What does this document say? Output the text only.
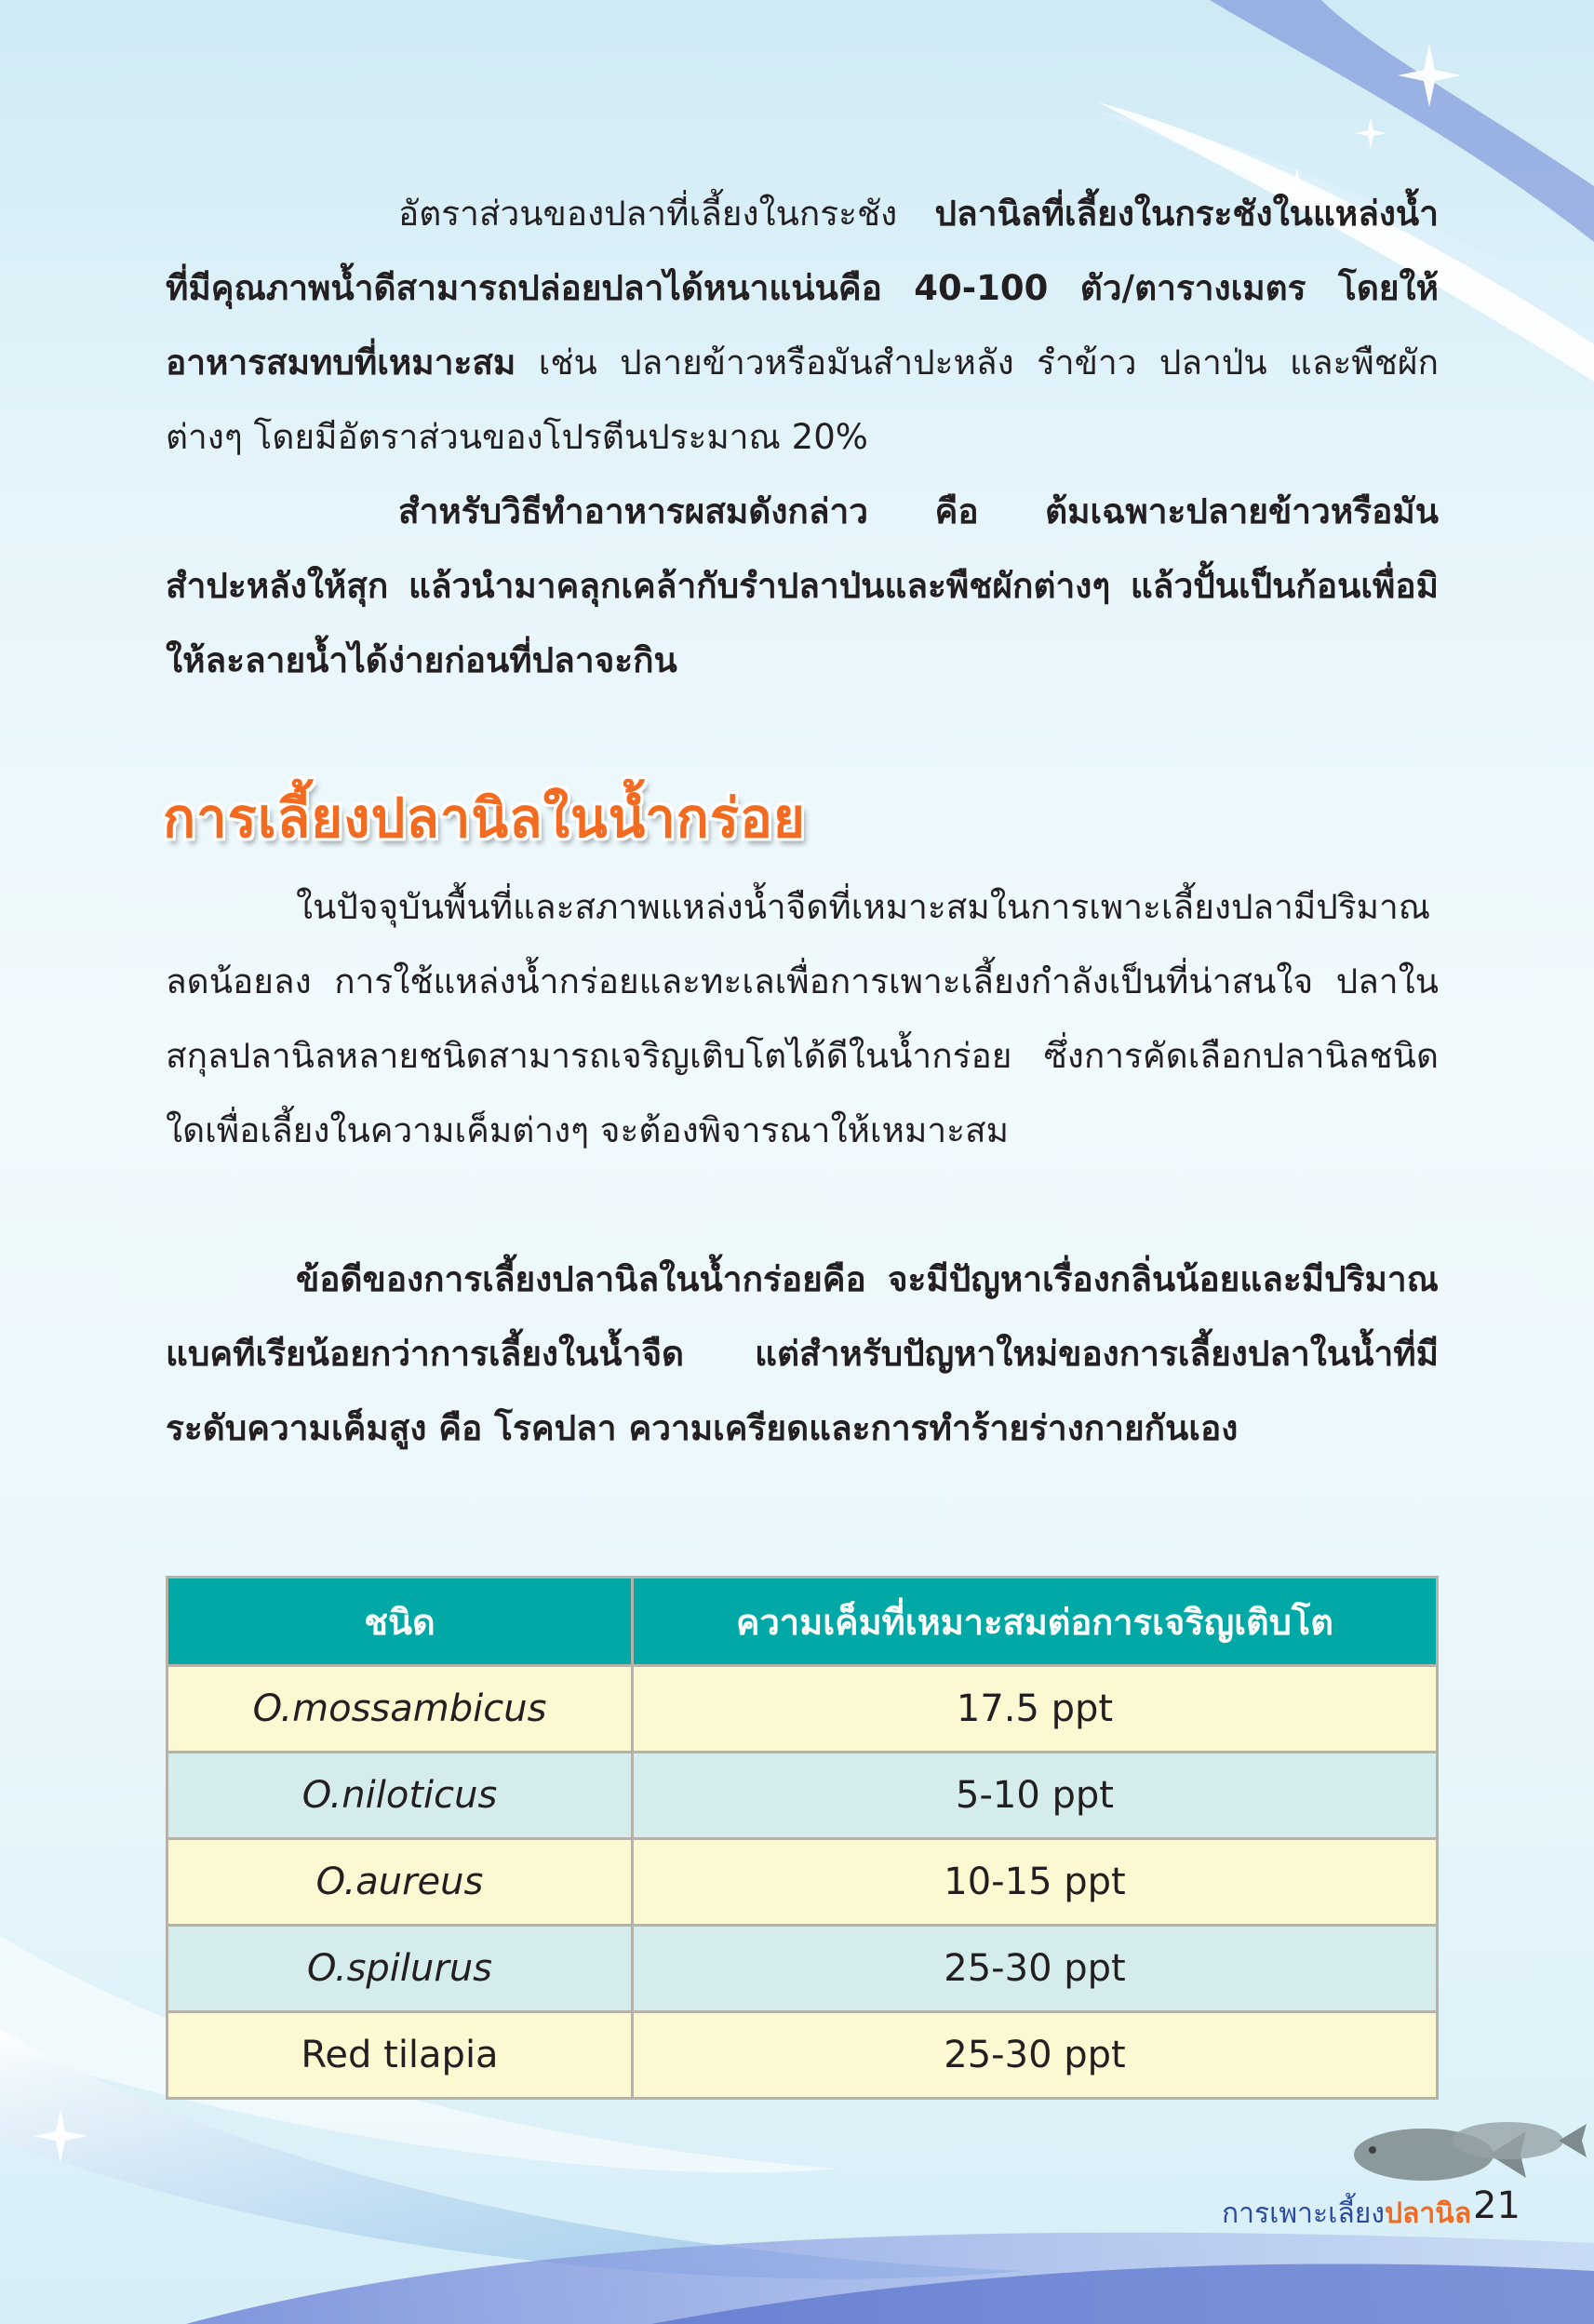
อัตราส่วนของปลาที่เลี้ยงในกระชัง ปลานิลที่เลี้ยงในกระชังในแหล่งน้ำที่มีคุณภาพน้ำดีสามารถปล่อยปลาได้หนาแน่นคือ 40-100 ตัว/ตารางเมตร โดยให้อาหารสมทบที่เหมาะสม เช่น ปลายข้าวหรือมันสำปะหลัง รำข้าว ปลาป่น และพืชผักต่างๆ โดยมีอัตราส่วนของโปรตีนประมาณ 20%

สำหรับวิธีทำอาหารผสมดังกล่าว คือ ต้มเฉพาะปลายข้าวหรือมันสำปะหลังให้สุก แล้วนำมาคลุกเคล้ากับรำปลาป่นและพืชผักต่างๆ แล้วปั้นเป็นก้อนเพื่อมิให้ละลายน้ำได้ง่ายก่อนที่ปลาจะกิน

การเลี้ยงปลานิลในน้ำกร่อย

ในปัจจุบันพื้นที่และสภาพแหล่งน้ำจืดที่เหมาะสมในการเพาะเลี้ยงปลามีปริมาณลดน้อยลง การใช้แหล่งน้ำกร่อยและทะเลเพื่อการเพาะเลี้ยงกำลังเป็นที่น่าสนใจ ปลาในสกุลปลานิลหลายชนิดสามารถเจริญเติบโตได้ดีในน้ำกร่อย ซึ่งการคัดเลือกปลานิลชนิดใดเพื่อเลี้ยงในความเค็มต่างๆ จะต้องพิจารณาให้เหมาะสม

ข้อดีของการเลี้ยงปลานิลในน้ำกร่อยคือ จะมีปัญหาเรื่องกลิ่นน้อยและมีปริมาณแบคทีเรียน้อยกว่าการเลี้ยงในน้ำจืด แต่สำหรับปัญหาใหม่ของการเลี้ยงปลาในน้ำที่มีระดับความเค็มสูง คือ โรคปลา ความเครียดและการทำร้ายร่างกายกันเอง

ชนิด	ความเค็มที่เหมาะสมต่อการเจริญเติบโต
O.mossambicus	17.5 ppt
O.niloticus	5-10 ppt
O.aureus	10-15 ppt
O.spilurus	25-30 ppt
Red tilapia	25-30 ppt
การเพาะเลี้ยงปลานิล 21
